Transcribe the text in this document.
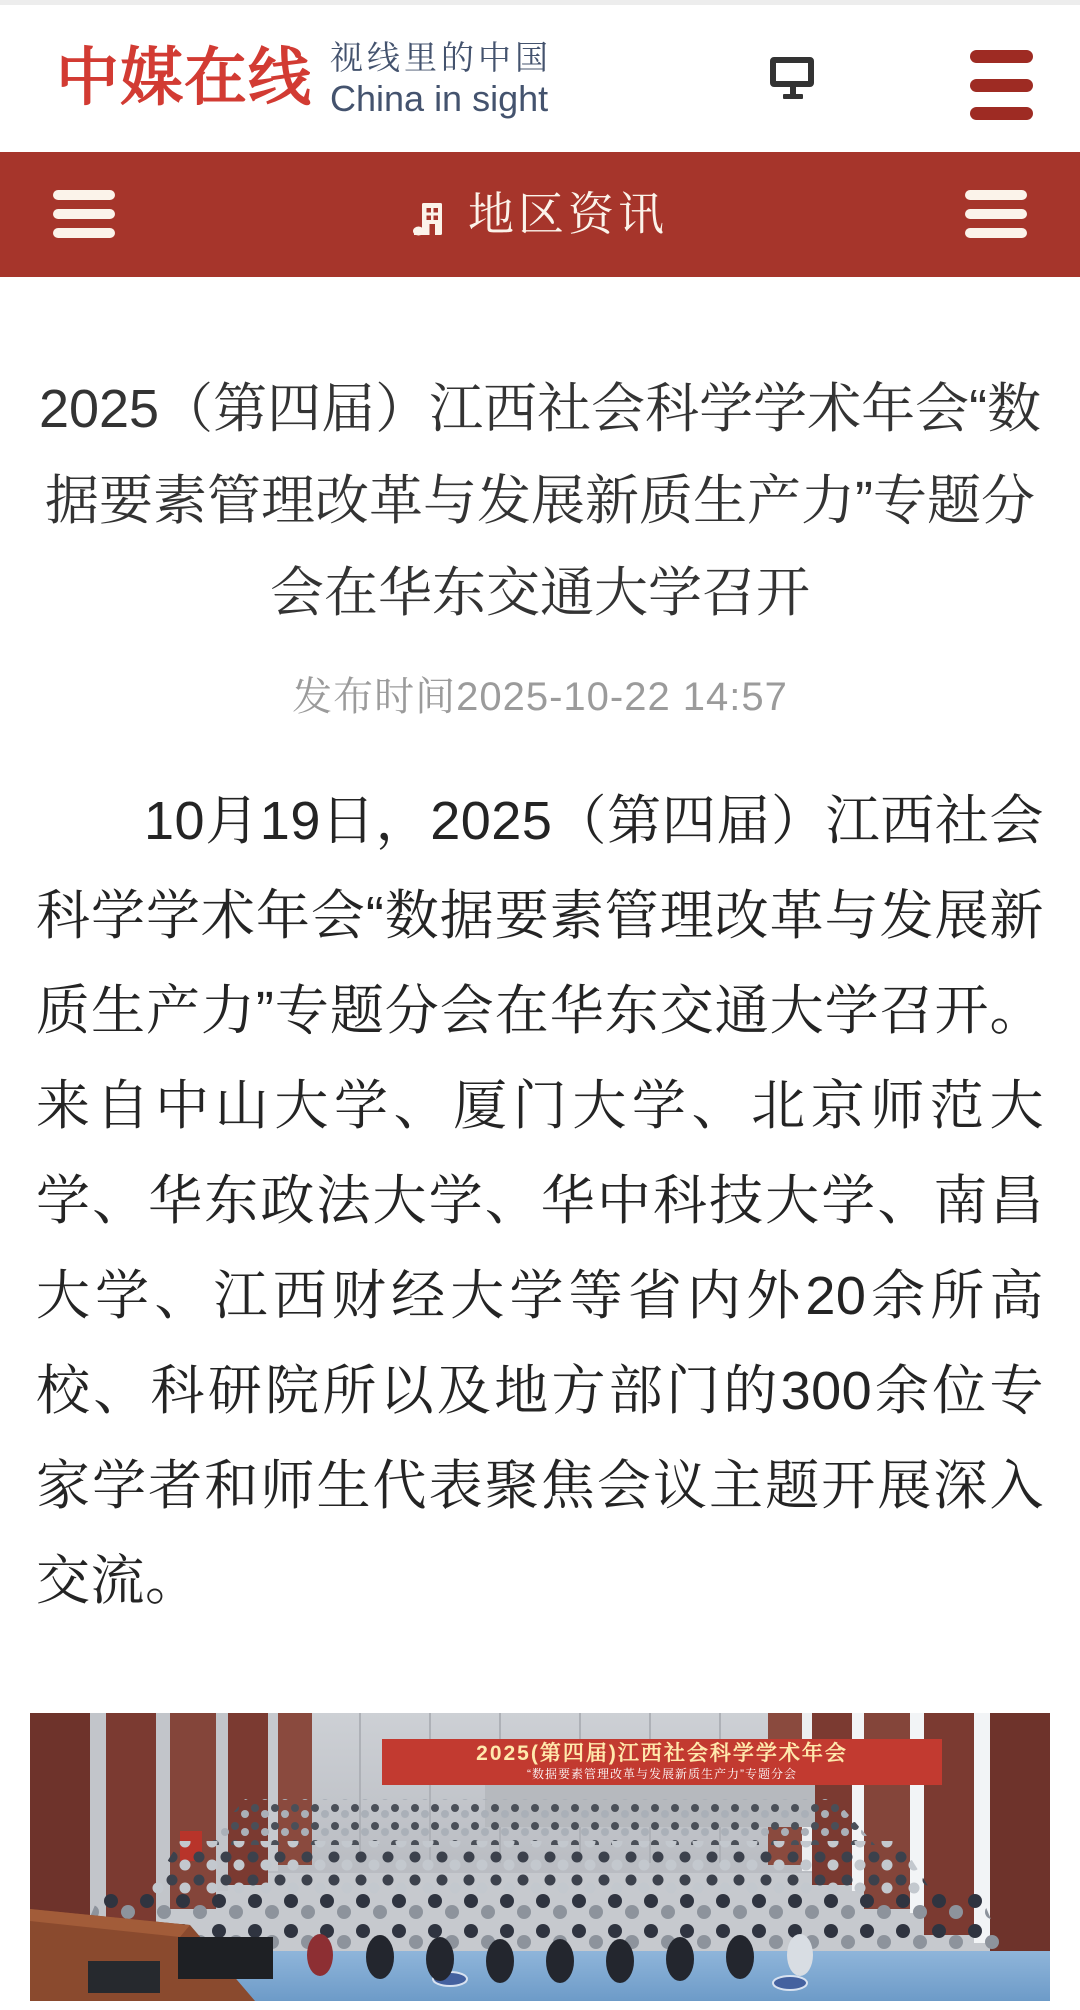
中媒在线 视线里的中国
China in sight
地区资讯
2025（第四届）江西社会科学学术年会“数
据要素管理改革与发展新质生产力”专题分
会在华东交通大学召开
发布时间2025-10-22 14:57
10月19日，2025（第四届）江西社会科学学术年会“数据要素管理改革与发展新质生产力”专题分会在华东交通大学召开。来自中山大学、厦门大学、北京师范大学、华东政法大学、华中科技大学、南昌大学、江西财经大学等省内外20余所高校、科研院所以及地方部门的300余位专家学者和师生代表聚焦会议主题开展深入交流。
2025(第四届)江西社会科学学术年会
“数据要素管理改革与发展新质生产力”专题分会
